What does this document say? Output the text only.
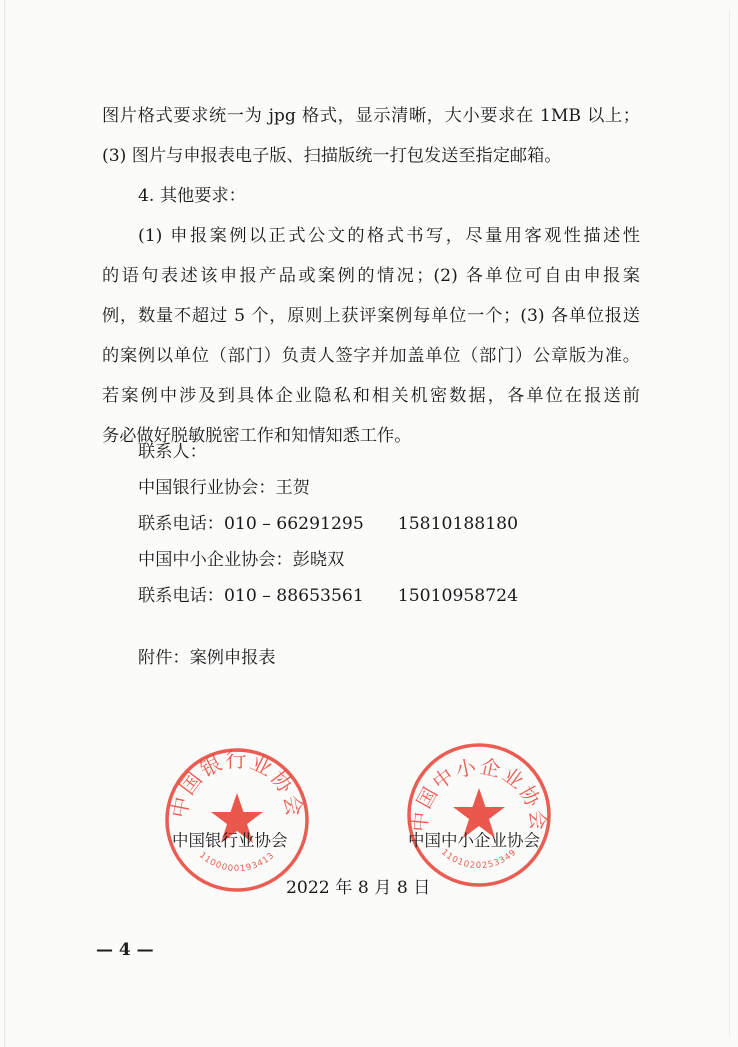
图片格式要求统一为 jpg 格式，显示清晰，大小要求在 1MB 以上；
(3) 图片与申报表电子版、扫描版统一打包发送至指定邮箱。
4. 其他要求：
(1) 申报案例以正式公文的格式书写，尽量用客观性描述性
的语句表述该申报产品或案例的情况；(2) 各单位可自由申报案
例，数量不超过 5 个，原则上获评案例每单位一个；(3) 各单位报送
的案例以单位（部门）负责人签字并加盖单位（部门）公章版为准。
若案例中涉及到具体企业隐私和相关机密数据，各单位在报送前
务必做好脱敏脱密工作和知情知悉工作。
联系人：
中国银行业协会：王贺
联系电话：010 – 66291295 15810188180
中国中小企业协会：彭晓双
联系电话：010 – 88653561 15010958724
附件：案例申报表
中国银行业协会
1100000193413
中国中小企业协会
1101020253349
中国银行业协会	中国中小企业协会
2022 年 8 月 8 日
— 4 —
